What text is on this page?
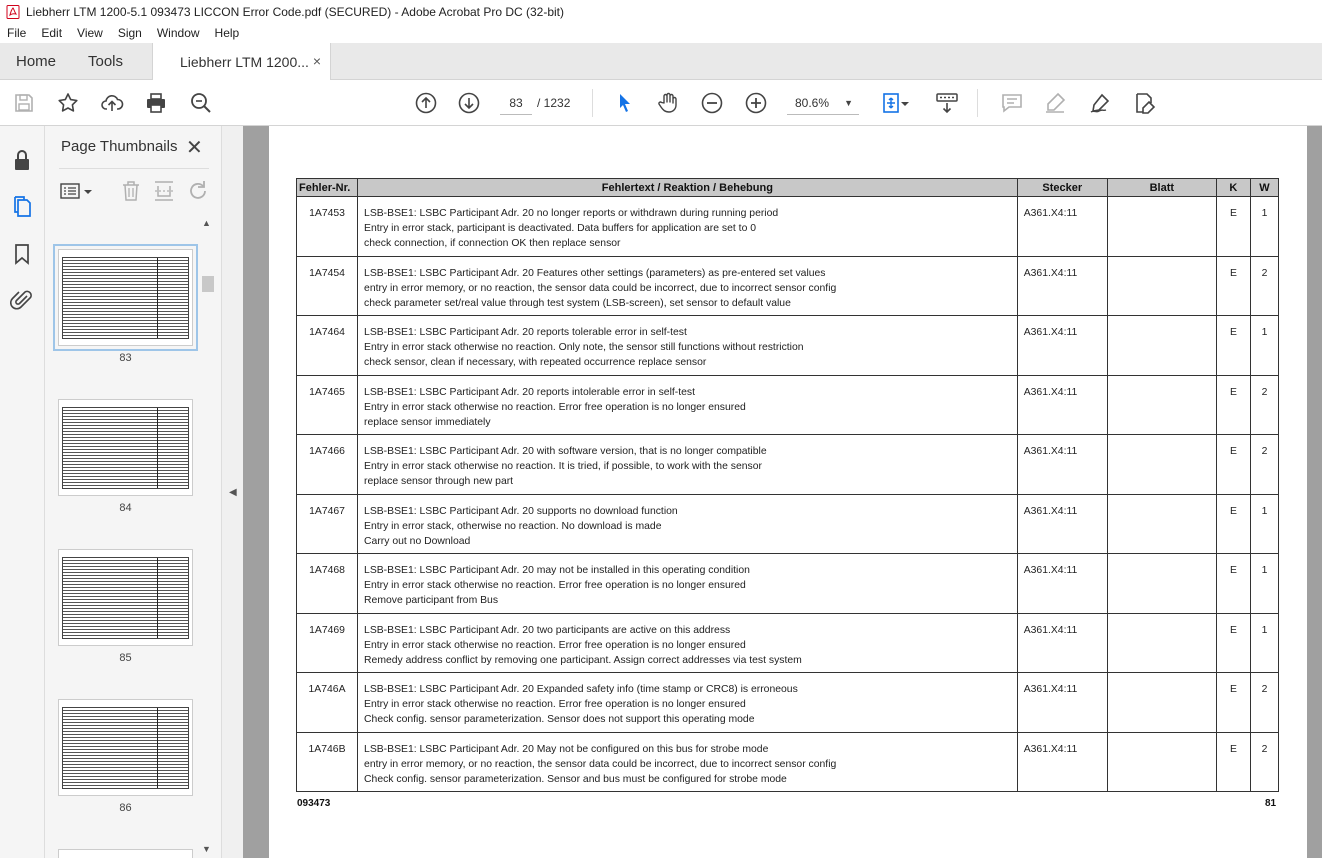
Liebherr LTM 1200-5.1 093473 LICCON Error Code.pdf (SECURED) - Adobe Acrobat Pro DC (32-bit)
File	Edit	View	Sign	Window	Help
Home Tools	Liebherr LTM 1200... ×
83	/ 1232	80.6% ▼
Page Thumbnails ✕
83
84
85
86
▲
▼
◀
Fehler-Nr.	Fehlertext / Reaktion / Behebung	Stecker	Blatt	K	W
1A7453	LSB-BSE1: LSBC Participant Adr. 20 no longer reports or withdrawn during running period
Entry in error stack, participant is deactivated. Data buffers for application are set to 0
check connection, if connection OK then replace sensor	A361.X4:11		E	1
1A7454	LSB-BSE1: LSBC Participant Adr. 20 Features other settings (parameters) as pre-entered set values
entry in error memory, or no reaction, the sensor data could be incorrect, due to incorrect sensor config
check parameter set/real value through test system (LSB-screen), set sensor to default value	A361.X4:11		E	2
1A7464	LSB-BSE1: LSBC Participant Adr. 20 reports tolerable error in self-test
Entry in error stack otherwise no reaction. Only note, the sensor still functions without restriction
check sensor, clean if necessary, with repeated occurrence replace sensor	A361.X4:11		E	1
1A7465	LSB-BSE1: LSBC Participant Adr. 20 reports intolerable error in self-test
Entry in error stack otherwise no reaction. Error free operation is no longer ensured
replace sensor immediately	A361.X4:11		E	2
1A7466	LSB-BSE1: LSBC Participant Adr. 20 with software version, that is no longer compatible
Entry in error stack otherwise no reaction. It is tried, if possible, to work with the sensor
replace sensor through new part	A361.X4:11		E	2
1A7467	LSB-BSE1: LSBC Participant Adr. 20 supports no download function
Entry in error stack, otherwise no reaction. No download is made
Carry out no Download	A361.X4:11		E	1
1A7468	LSB-BSE1: LSBC Participant Adr. 20 may not be installed in this operating condition
Entry in error stack otherwise no reaction. Error free operation is no longer ensured
Remove participant from Bus	A361.X4:11		E	1
1A7469	LSB-BSE1: LSBC Participant Adr. 20 two participants are active on this address
Entry in error stack otherwise no reaction. Error free operation is no longer ensured
Remedy address conflict by removing one participant. Assign correct addresses via test system	A361.X4:11		E	1
1A746A	LSB-BSE1: LSBC Participant Adr. 20 Expanded safety info (time stamp or CRC8) is erroneous
Entry in error stack otherwise no reaction. Error free operation is no longer ensured
Check config. sensor parameterization. Sensor does not support this operating mode	A361.X4:11		E	2
1A746B	LSB-BSE1: LSBC Participant Adr. 20 May not be configured on this bus for strobe mode
entry in error memory, or no reaction, the sensor data could be incorrect, due to incorrect sensor config
Check config. sensor parameterization. Sensor and bus must be configured for strobe mode	A361.X4:11		E	2
093473	81
